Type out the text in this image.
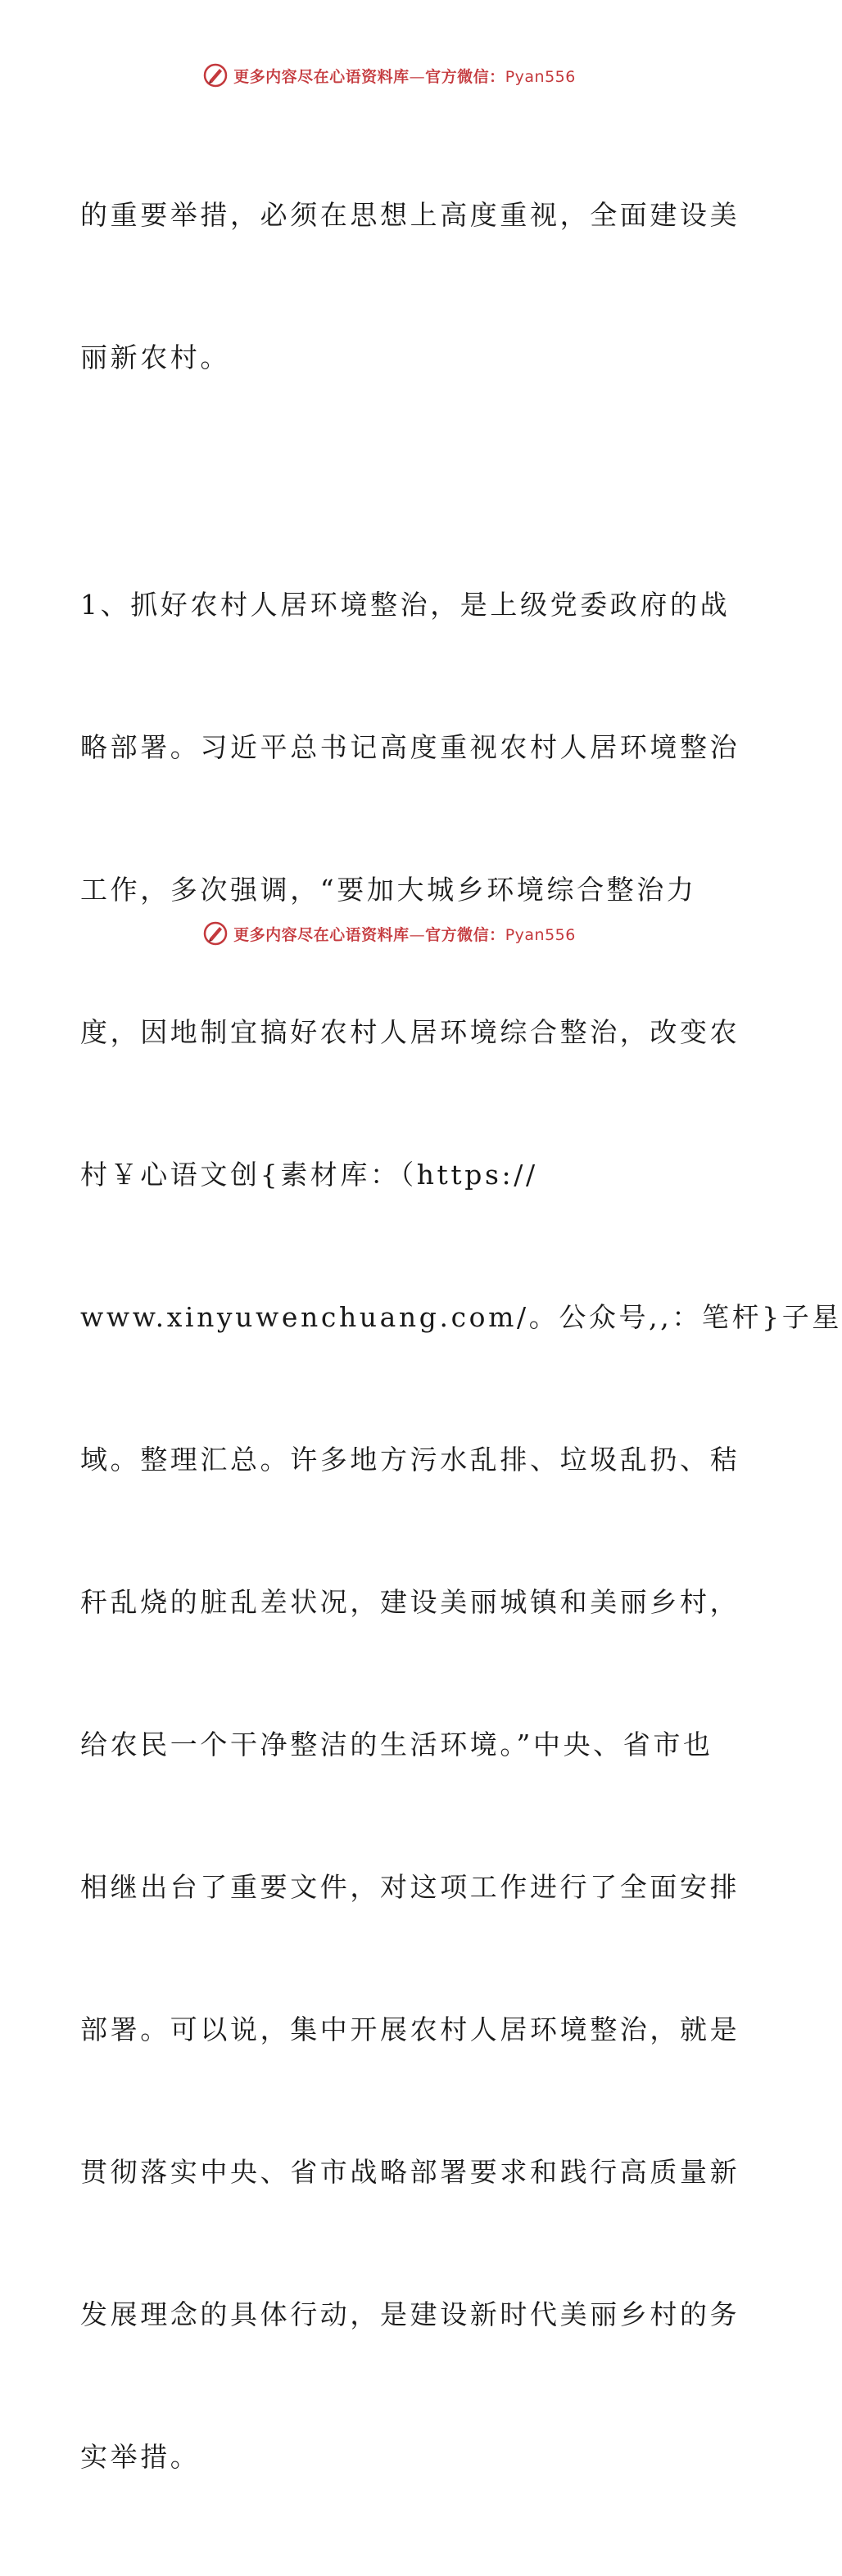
更多内容尽在心语资料库—官方微信：Pyan556

的重要举措，必须在思想上高度重视，全面建设美

丽新农村。

1、抓好农村人居环境整治，是上级党委政府的战

略部署。习近平总书记高度重视农村人居环境整治

工作，多次强调，“要加大城乡环境综合整治力

度，因地制宜搞好农村人居环境综合整治，改变农

村￥心语文创{素材库：（https://

www.xinyuwenchuang.com/。公众号,,：笔杆}子星

域。整理汇总。许多地方污水乱排、垃圾乱扔、秸

秆乱烧的脏乱差状况，建设美丽城镇和美丽乡村，

给农民一个干净整洁的生活环境。”中央、省市也

相继出台了重要文件，对这项工作进行了全面安排

部署。可以说，集中开展农村人居环境整治，就是

贯彻落实中央、省市战略部署要求和践行高质量新

发展理念的具体行动，是建设新时代美丽乡村的务

实举措。

更多内容尽在心语资料库—官方微信：Pyan556
